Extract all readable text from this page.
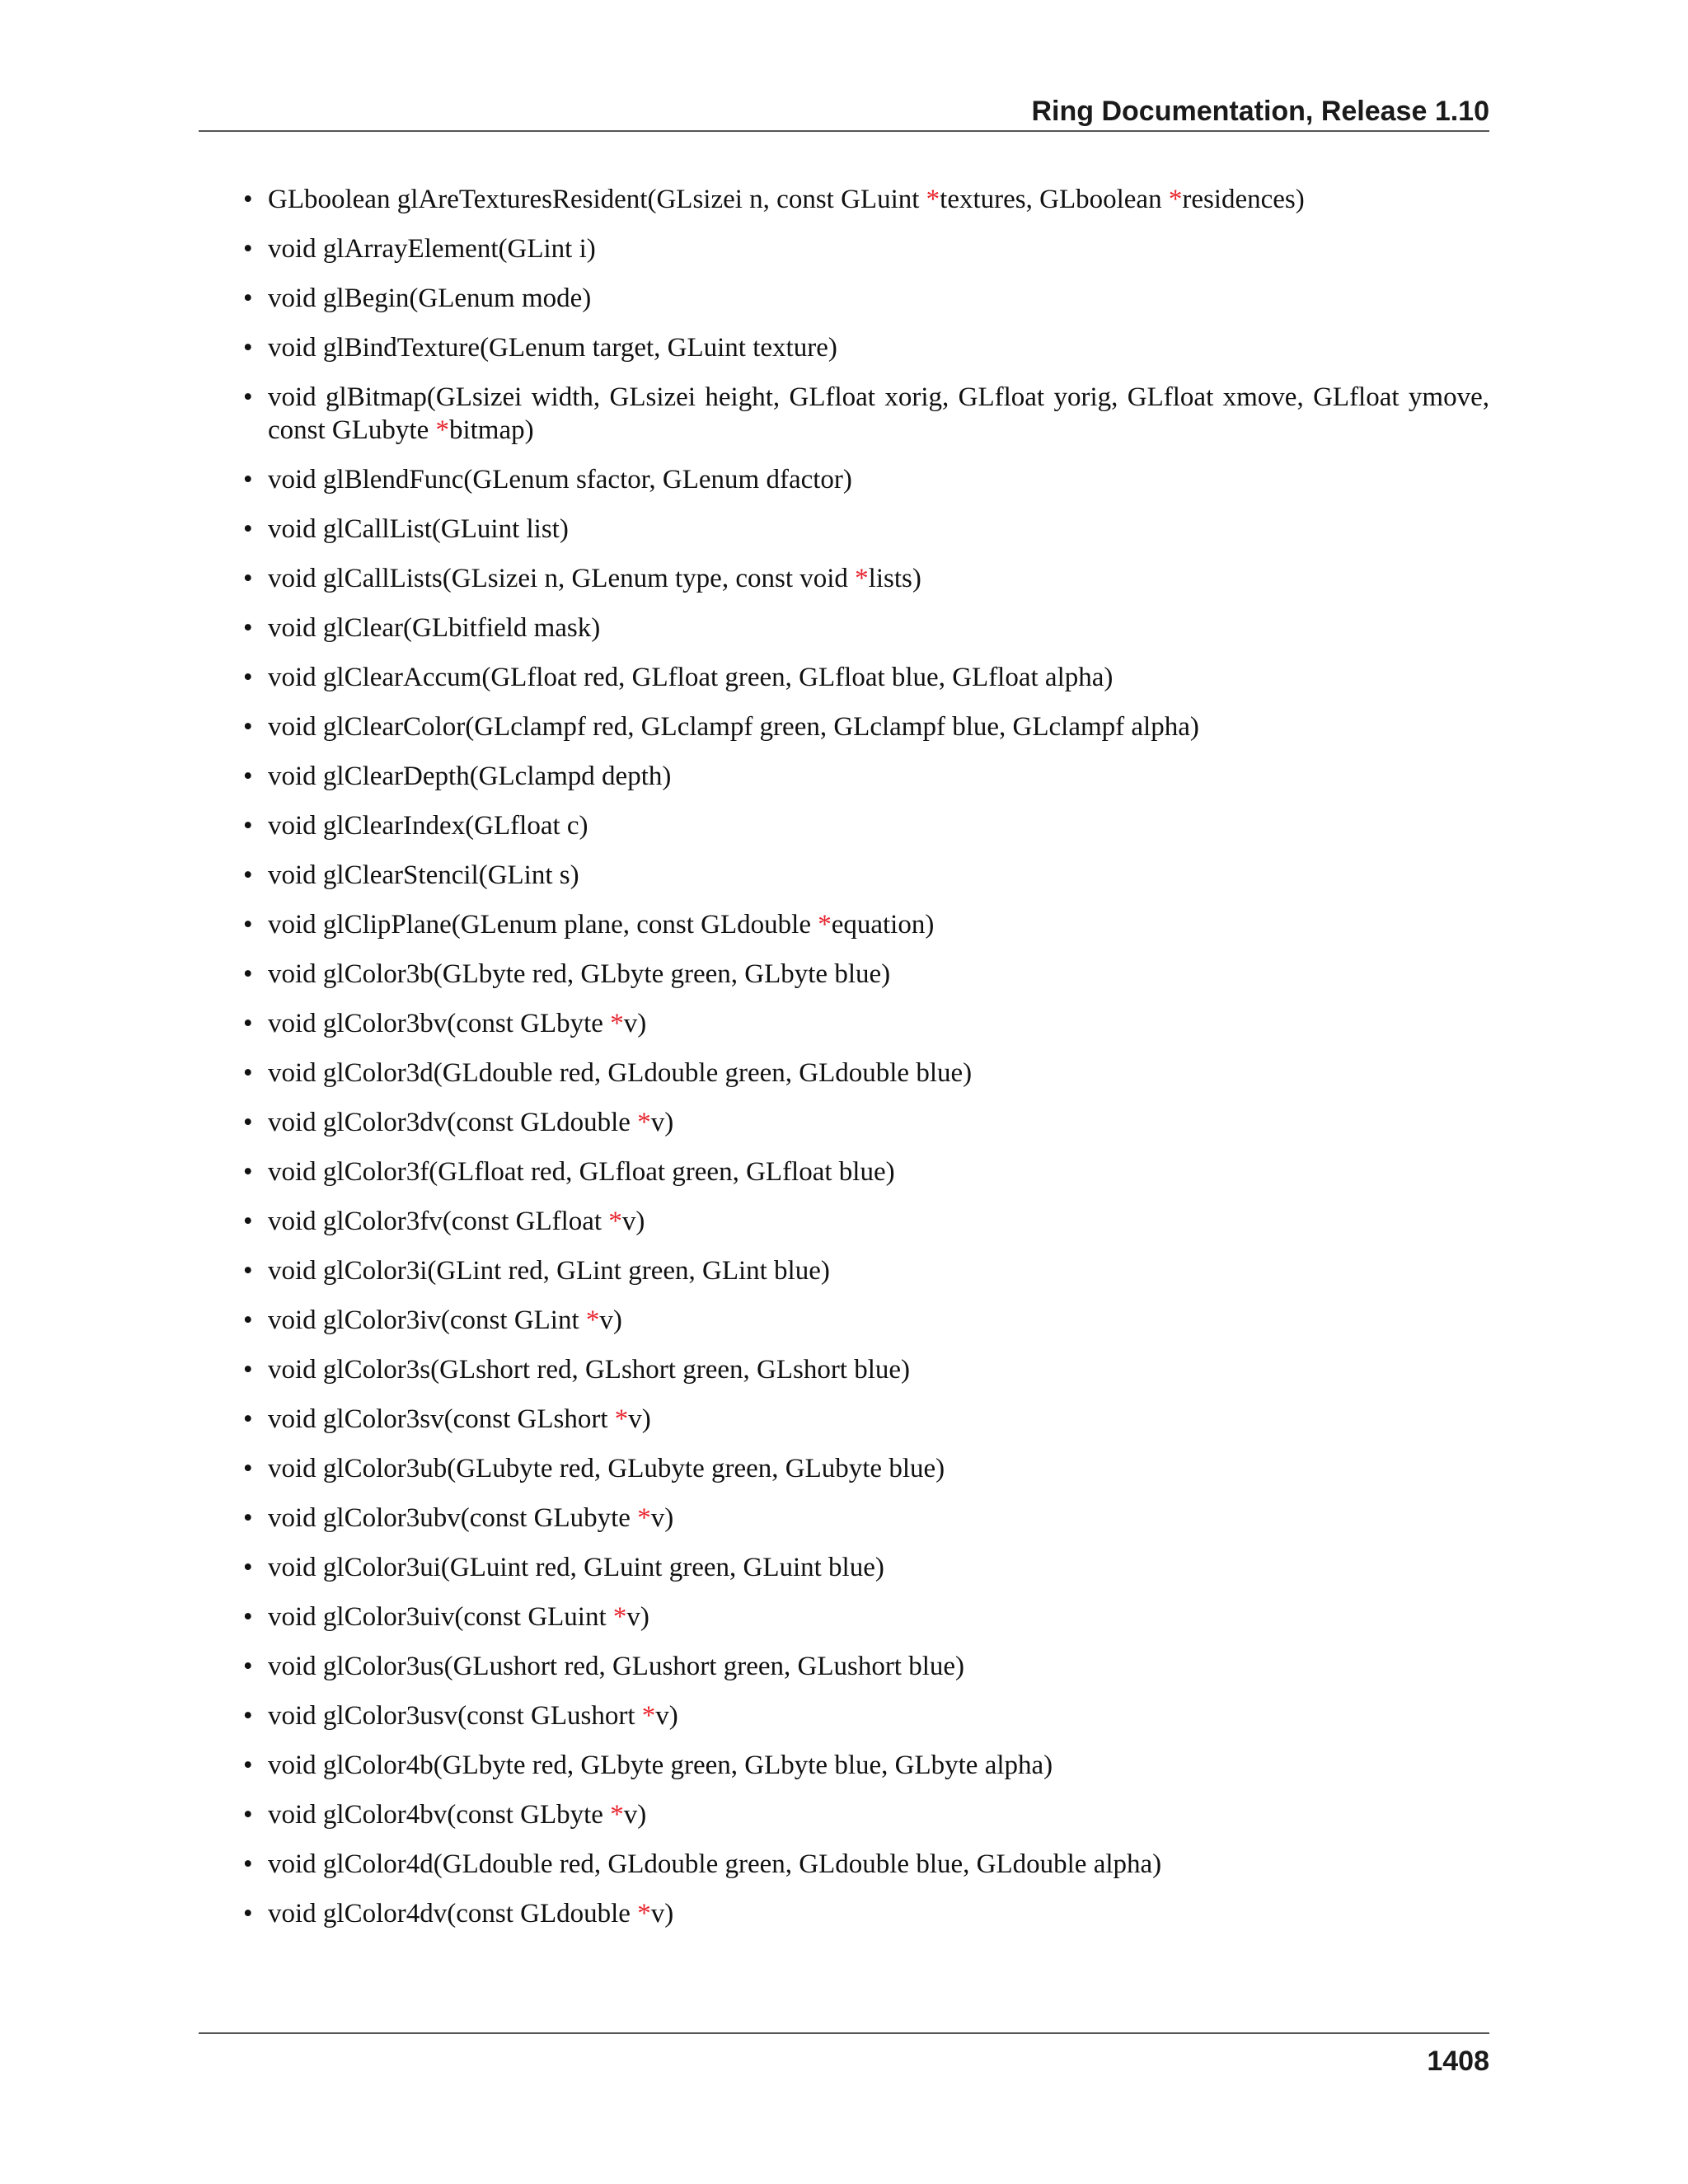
Ring Documentation, Release 1.10
• GLboolean glAreTexturesResident(GLsizei n, const GLuint *textures, GLboolean *residences)
• void glArrayElement(GLint i)
• void glBegin(GLenum mode)
• void glBindTexture(GLenum target, GLuint texture)
• void glBitmap(GLsizei width, GLsizei height, GLfloat xorig, GLfloat yorig, GLfloat xmove, GLfloat ymove, const GLubyte *bitmap)
• void glBlendFunc(GLenum sfactor, GLenum dfactor)
• void glCallList(GLuint list)
• void glCallLists(GLsizei n, GLenum type, const void *lists)
• void glClear(GLbitfield mask)
• void glClearAccum(GLfloat red, GLfloat green, GLfloat blue, GLfloat alpha)
• void glClearColor(GLclampf red, GLclampf green, GLclampf blue, GLclampf alpha)
• void glClearDepth(GLclampd depth)
• void glClearIndex(GLfloat c)
• void glClearStencil(GLint s)
• void glClipPlane(GLenum plane, const GLdouble *equation)
• void glColor3b(GLbyte red, GLbyte green, GLbyte blue)
• void glColor3bv(const GLbyte *v)
• void glColor3d(GLdouble red, GLdouble green, GLdouble blue)
• void glColor3dv(const GLdouble *v)
• void glColor3f(GLfloat red, GLfloat green, GLfloat blue)
• void glColor3fv(const GLfloat *v)
• void glColor3i(GLint red, GLint green, GLint blue)
• void glColor3iv(const GLint *v)
• void glColor3s(GLshort red, GLshort green, GLshort blue)
• void glColor3sv(const GLshort *v)
• void glColor3ub(GLubyte red, GLubyte green, GLubyte blue)
• void glColor3ubv(const GLubyte *v)
• void glColor3ui(GLuint red, GLuint green, GLuint blue)
• void glColor3uiv(const GLuint *v)
• void glColor3us(GLushort red, GLushort green, GLushort blue)
• void glColor3usv(const GLushort *v)
• void glColor4b(GLbyte red, GLbyte green, GLbyte blue, GLbyte alpha)
• void glColor4bv(const GLbyte *v)
• void glColor4d(GLdouble red, GLdouble green, GLdouble blue, GLdouble alpha)
• void glColor4dv(const GLdouble *v)
1408
